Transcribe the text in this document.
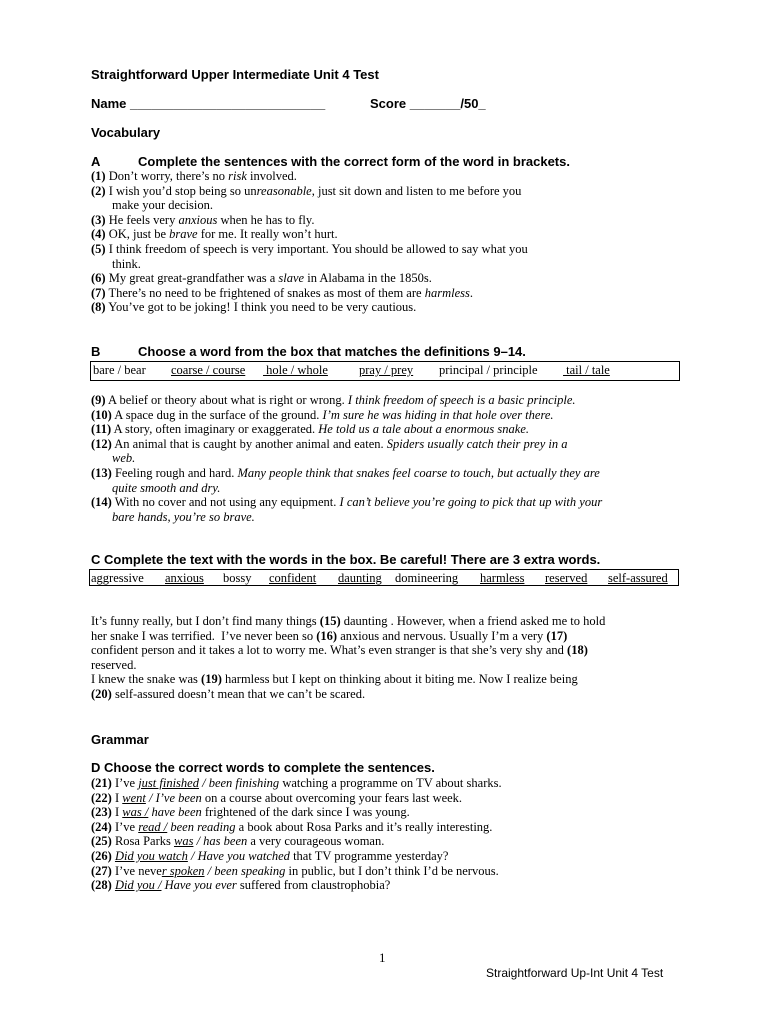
Straightforward Upper Intermediate Unit 4 Test
Name ___________________________	Score _______/50_
Vocabulary
A	Complete the sentences with the correct form of the word in brackets.
(1) Don’t worry, there’s no risk involved.
(2) I wish you’d stop being so unreasonable, just sit down and listen to me before you
make your decision.
(3) He feels very anxious when he has to fly.
(4) OK, just be brave for me. It really won’t hurt.
(5) I think freedom of speech is very important. You should be allowed to say what you
think.
(6) My great great-grandfather was a slave in Alabama in the 1850s.
(7) There’s no need to be frightened of snakes as most of them are harmless.
(8) You’ve got to be joking! I think you need to be very cautious.
B	Choose a word from the box that matches the definitions 9–14.
bare / bear coarse / course hole / whole pray / prey principal / principle tail / tale
(9) A belief or theory about what is right or wrong. I think freedom of speech is a basic principle.
(10) A space dug in the surface of the ground. I’m sure he was hiding in that hole over there.
(11) A story, often imaginary or exaggerated. He told us a tale about a enormous snake.
(12) An animal that is caught by another animal and eaten. Spiders usually catch their prey in a
web.
(13) Feeling rough and hard. Many people think that snakes feel coarse to touch, but actually they are
quite smooth and dry.
(14) With no cover and not using any equipment. I can’t believe you’re going to pick that up with your
bare hands, you’re so brave.
C Complete the text with the words in the box. Be careful! There are 3 extra words.
aggressive anxious bossy confident daunting domineering harmless reserved self-assured
It’s funny really, but I don’t find many things (15) daunting . However, when a friend asked me to hold
her snake I was terrified.  I’ve never been so (16) anxious and nervous. Usually I’m a very (17)
confident person and it takes a lot to worry me. What’s even stranger is that she’s very shy and (18)
reserved.
I knew the snake was (19) harmless but I kept on thinking about it biting me. Now I realize being
(20) self-assured doesn’t mean that we can’t be scared.
Grammar
D Choose the correct words to complete the sentences.
(21) I’ve just finished / been finishing watching a programme on TV about sharks.
(22) I went / I’ve been on a course about overcoming your fears last week.
(23) I was / have been frightened of the dark since I was young.
(24) I’ve read / been reading a book about Rosa Parks and it’s really interesting.
(25) Rosa Parks was / has been a very courageous woman.
(26) Did you watch / Have you watched that TV programme yesterday?
(27) I’ve never spoken / been speaking in public, but I don’t think I’d be nervous.
(28) Did you / Have you ever suffered from claustrophobia?
1
Straightforward Up-Int Unit 4 Test
